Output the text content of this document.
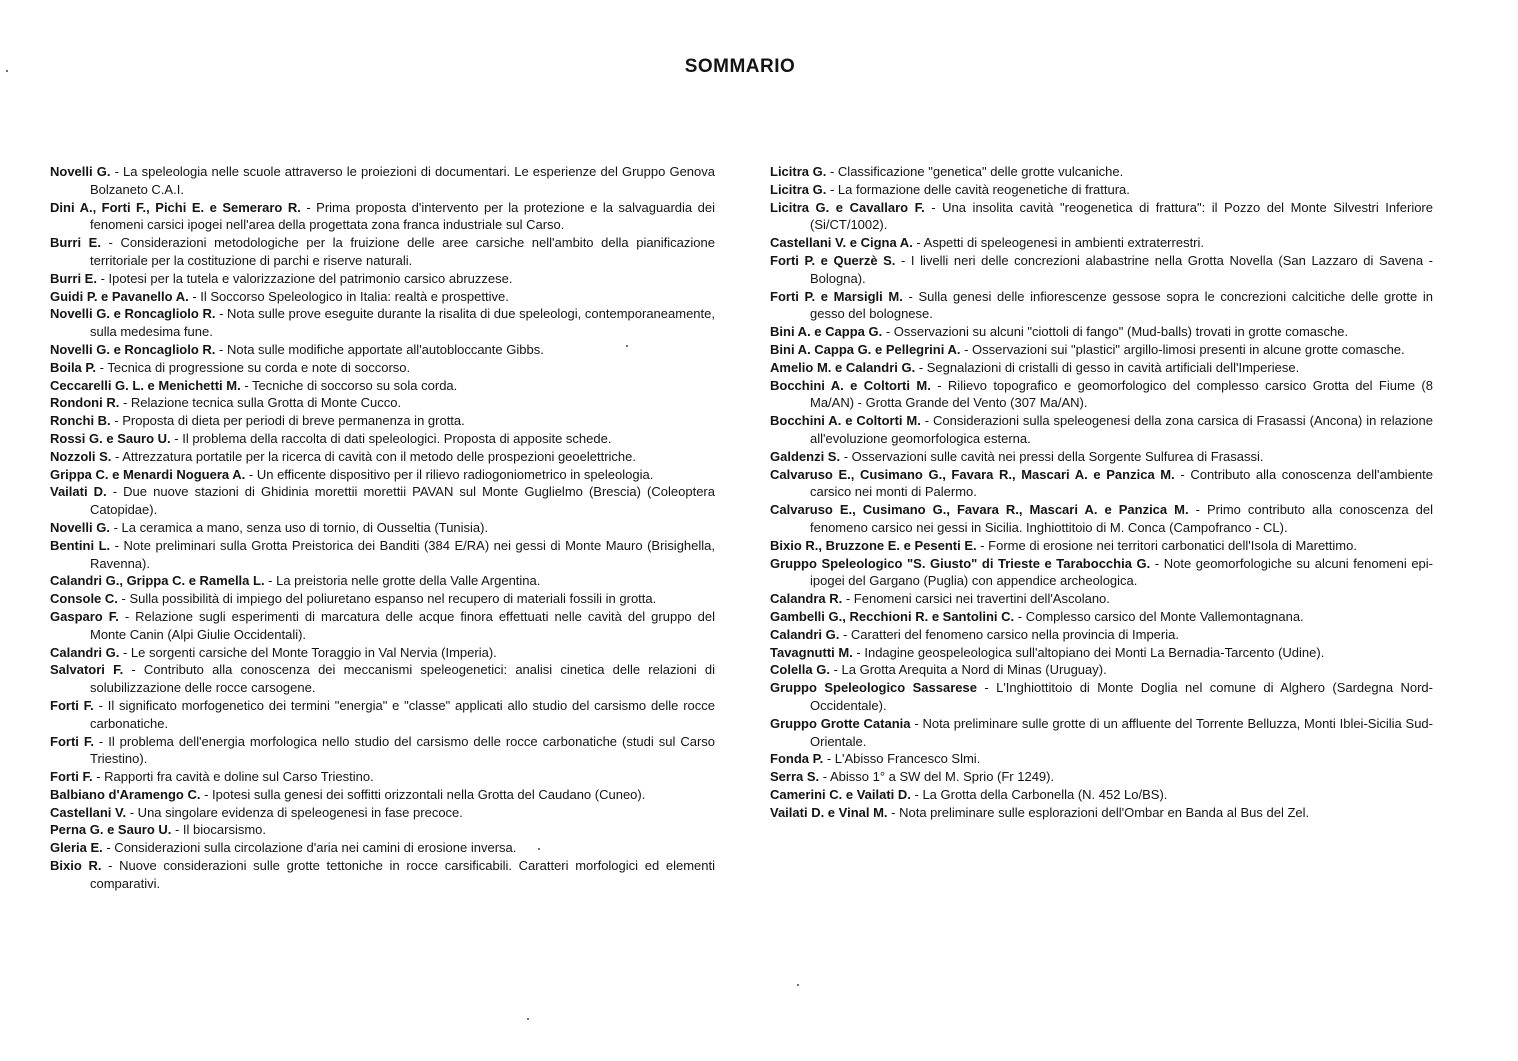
SOMMARIO

Novelli G. - La speleologia nelle scuole attraverso le proiezioni di documentari. Le esperienze del Gruppo Genova Bolzaneto C.A.I.

Dini A., Forti F., Pichi E. e Semeraro R. - Prima proposta d'intervento per la protezione e la salvaguardia dei fenomeni carsici ipogei nell'area della progettata zona franca industriale sul Carso.

Burri E. - Considerazioni metodologiche per la fruizione delle aree carsiche nell'ambito della pianificazione territoriale per la costituzione di parchi e riserve naturali.

Burri E. - Ipotesi per la tutela e valorizzazione del patrimonio carsico abruzzese.

Guidi P. e Pavanello A. - Il Soccorso Speleologico in Italia: realtà e prospettive.

Novelli G. e Roncagliolo R. - Nota sulle prove eseguite durante la risalita di due speleologi, contemporaneamente, sulla medesima fune.

Novelli G. e Roncagliolo R. - Nota sulle modifiche apportate all'autobloccante Gibbs.

Boila P. - Tecnica di progressione su corda e note di soccorso.

Ceccarelli G. L. e Menichetti M. - Tecniche di soccorso su sola corda.

Rondoni R. - Relazione tecnica sulla Grotta di Monte Cucco.

Ronchi B. - Proposta di dieta per periodi di breve permanenza in grotta.

Rossi G. e Sauro U. - Il problema della raccolta di dati speleologici. Proposta di apposite schede.

Nozzoli S. - Attrezzatura portatile per la ricerca di cavità con il metodo delle prospezioni geoelettriche.

Grippa C. e Menardi Noguera A. - Un efficente dispositivo per il rilievo radiogoniometrico in speleologia.

Vailati D. - Due nuove stazioni di Ghidinia morettii morettii PAVAN sul Monte Guglielmo (Brescia) (Coleoptera Catopidae).

Novelli G. - La ceramica a mano, senza uso di tornio, di Ousseltia (Tunisia).

Bentini L. - Note preliminari sulla Grotta Preistorica dei Banditi (384 E/RA) nei gessi di Monte Mauro (Brisighella, Ravenna).

Calandri G., Grippa C. e Ramella L. - La preistoria nelle grotte della Valle Argentina.

Console C. - Sulla possibilità di impiego del poliuretano espanso nel recupero di materiali fossili in grotta.

Gasparo F. - Relazione sugli esperimenti di marcatura delle acque finora effettuati nelle cavità del gruppo del Monte Canin (Alpi Giulie Occidentali).

Calandri G. - Le sorgenti carsiche del Monte Toraggio in Val Nervia (Imperia).

Salvatori F. - Contributo alla conoscenza dei meccanismi speleogenetici: analisi cinetica delle relazioni di solubilizzazione delle rocce carsogene.

Forti F. - Il significato morfogenetico dei termini "energia" e "classe" applicati allo studio del carsismo delle rocce carbonatiche.

Forti F. - Il problema dell'energia morfologica nello studio del carsismo delle rocce carbonatiche (studi sul Carso Triestino).

Forti F. - Rapporti fra cavità e doline sul Carso Triestino.

Balbiano d'Aramengo C. - Ipotesi sulla genesi dei soffitti orizzontali nella Grotta del Caudano (Cuneo).

Castellani V. - Una singolare evidenza di speleogenesi in fase precoce.

Perna G. e Sauro U. - Il biocarsismo.

Gleria E. - Considerazioni sulla circolazione d'aria nei camini di erosione inversa.

Bixio R. - Nuove considerazioni sulle grotte tettoniche in rocce carsificabili. Caratteri morfologici ed elementi comparativi.

Licitra G. - Classificazione "genetica" delle grotte vulcaniche.

Licitra G. - La formazione delle cavità reogenetiche di frattura.

Licitra G. e Cavallaro F. - Una insolita cavità "reogenetica di frattura": il Pozzo del Monte Silvestri Inferiore (Si/CT/1002).

Castellani V. e Cigna A. - Aspetti di speleogenesi in ambienti extraterrestri.

Forti P. e Querzè S. - I livelli neri delle concrezioni alabastrine nella Grotta Novella (San Lazzaro di Savena - Bologna).

Forti P. e Marsigli M. - Sulla genesi delle infiorescenze gessose sopra le concrezioni calcitiche delle grotte in gesso del bolognese.

Bini A. e Cappa G. - Osservazioni su alcuni "ciottoli di fango" (Mud-balls) trovati in grotte comasche.

Bini A. Cappa G. e Pellegrini A. - Osservazioni sui "plastici" argillo-limosi presenti in alcune grotte comasche.

Amelio M. e Calandri G. - Segnalazioni di cristalli di gesso in cavità artificiali dell'Imperiese.

Bocchini A. e Coltorti M. - Rilievo topografico e geomorfologico del complesso carsico Grotta del Fiume (8 Ma/AN) - Grotta Grande del Vento (307 Ma/AN).

Bocchini A. e Coltorti M. - Considerazioni sulla speleogenesi della zona carsica di Frasassi (Ancona) in relazione all'evoluzione geomorfologica esterna.

Galdenzi S. - Osservazioni sulle cavità nei pressi della Sorgente Sulfurea di Frasassi.

Calvaruso E., Cusimano G., Favara R., Mascari A. e Panzica M. - Contributo alla conoscenza dell'ambiente carsico nei monti di Palermo.

Calvaruso E., Cusimano G., Favara R., Mascari A. e Panzica M. - Primo contributo alla conoscenza del fenomeno carsico nei gessi in Sicilia. Inghiottitoio di M. Conca (Campofranco - CL).

Bixio R., Bruzzone E. e Pesenti E. - Forme di erosione nei territori carbonatici dell'Isola di Marettimo.

Gruppo Speleologico "S. Giusto" di Trieste e Tarabocchia G. - Note geomorfologiche su alcuni fenomeni epi-ipogei del Gargano (Puglia) con appendice archeologica.

Calandra R. - Fenomeni carsici nei travertini dell'Ascolano.

Gambelli G., Recchioni R. e Santolini C. - Complesso carsico del Monte Vallemontagnana.

Calandri G. - Caratteri del fenomeno carsico nella provincia di Imperia.

Tavagnutti M. - Indagine geospeleologica sull'altopiano dei Monti La Bernadia-Tarcento (Udine).

Colella G. - La Grotta Arequita a Nord di Minas (Uruguay).

Gruppo Speleologico Sassarese - L'Inghiottitoio di Monte Doglia nel comune di Alghero (Sardegna Nord-Occidentale).

Gruppo Grotte Catania - Nota preliminare sulle grotte di un affluente del Torrente Belluzza, Monti Iblei-Sicilia Sud-Orientale.

Fonda P. - L'Abisso Francesco Slmi.

Serra S. - Abisso 1° a SW del M. Sprio (Fr 1249).

Camerini C. e Vailati D. - La Grotta della Carbonella (N. 452 Lo/BS).

Vailati D. e Vinal M. - Nota preliminare sulle esplorazioni dell'Ombar en Banda al Bus del Zel.
